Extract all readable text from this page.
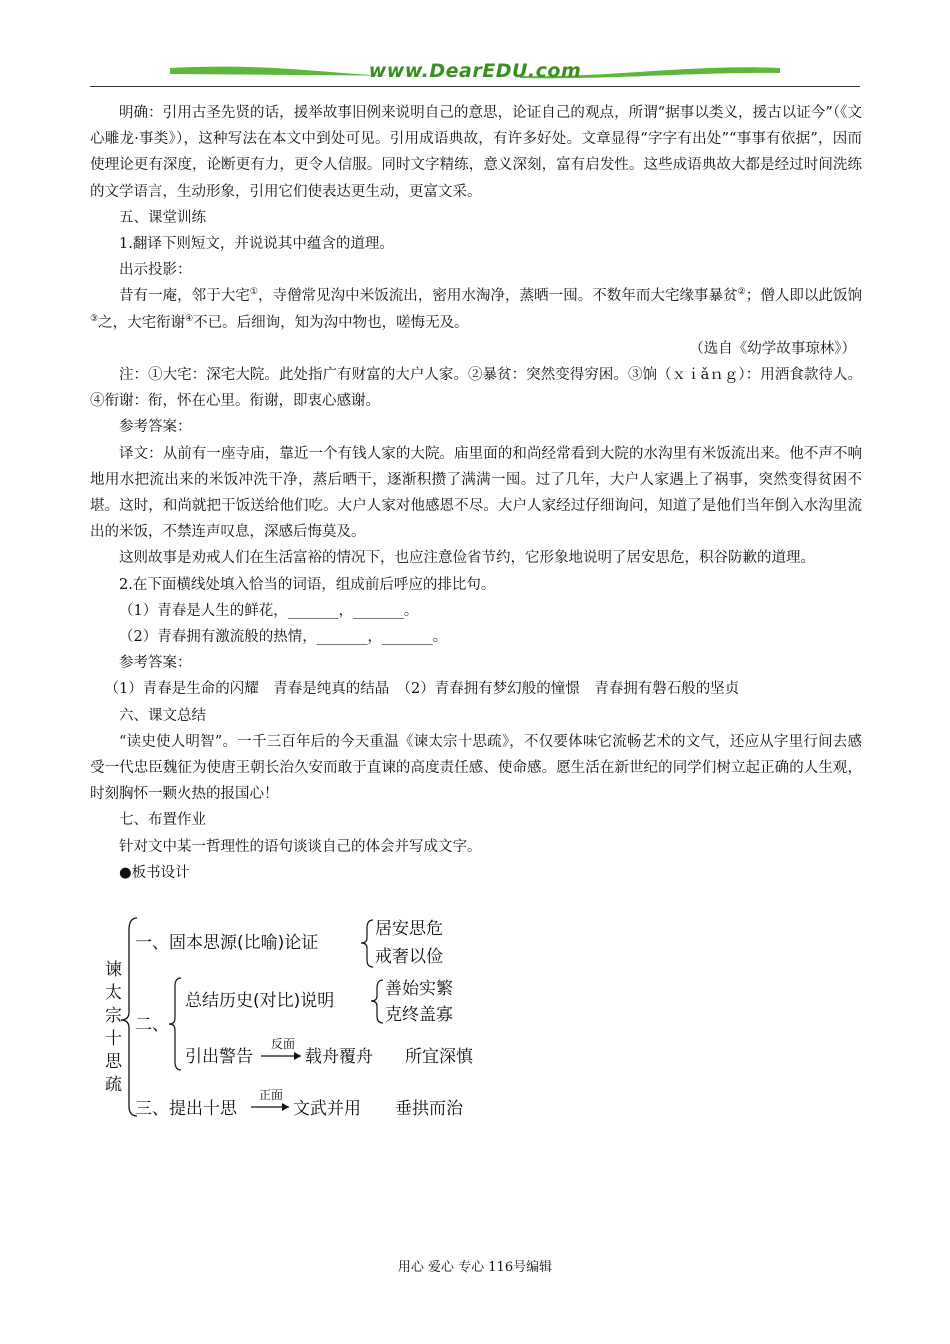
www.DearEDU.com

明确：引用古圣先贤的话，援举故事旧例来说明自己的意思，论证自己的观点，所谓“据事以类义，援古以证今”（《文心雕龙·事类》），这种写法在本文中到处可见。引用成语典故，有许多好处。文章显得“字字有出处”“事事有依据”，因而使理论更有深度，论断更有力，更令人信服。同时文字精练，意义深刻，富有启发性。这些成语典故大都是经过时间洗练的文学语言，生动形象，引用它们使表达更生动，更富文采。

五、课堂训练

1.翻译下则短文，并说说其中蕴含的道理。

出示投影：

昔有一庵，邻于大宅①，寺僧常见沟中米饭流出，密用水淘净，蒸晒一囤。不数年而大宅缘事暴贫②；僧人即以此饭饷③之，大宅衔谢④不已。后细询，知为沟中物也，嗟悔无及。

（选自《幼学故事琼林》）

注：①大宅：深宅大院。此处指广有财富的大户人家。②暴贫：突然变得穷困。③饷（ｘｉǎｎｇ）：用酒食款待人。④衔谢：衔，怀在心里。衔谢，即衷心感谢。

参考答案：

译文：从前有一座寺庙，靠近一个有钱人家的大院。庙里面的和尚经常看到大院的水沟里有米饭流出来。他不声不响地用水把流出来的米饭冲洗干净，蒸后晒干，逐渐积攒了满满一囤。过了几年，大户人家遇上了祸事，突然变得贫困不堪。这时，和尚就把干饭送给他们吃。大户人家对他感恩不尽。大户人家经过仔细询问，知道了是他们当年倒入水沟里流出的米饭，不禁连声叹息，深感后悔莫及。

这则故事是劝戒人们在生活富裕的情况下，也应注意俭省节约，它形象地说明了居安思危，积谷防歉的道理。

2.在下面横线处填入恰当的词语，组成前后呼应的排比句。

（1）青春是人生的鲜花，_______，_______。

（2）青春拥有激流般的热情，_______，_______。

参考答案：

（1）青春是生命的闪耀　青春是纯真的结晶　（2）青春拥有梦幻般的憧憬　青春拥有磐石般的坚贞

六、课文总结

“读史使人明智”。一千三百年后的今天重温《谏太宗十思疏》，不仅要体味它流畅艺术的文气，还应从字里行间去感受一代忠臣魏征为使唐王朝长治久安而敢于直谏的高度责任感、使命感。愿生活在新世纪的同学们树立起正确的人生观，时刻胸怀一颗火热的报国心！

七、布置作业

针对文中某一哲理性的语句谈谈自己的体会并写成文字。

●板书设计

谏
太
宗
十
思
疏
一、固本思源(比喻)论证
居安思危
戒奢以俭
二、
总结历史(对比)说明
善始实繁
克终盖寡
引出警告
反面
载舟覆舟 所宜深慎
三、提出十思
正面
文武并用 垂拱而治
用心 爱心 专心 116号编辑
